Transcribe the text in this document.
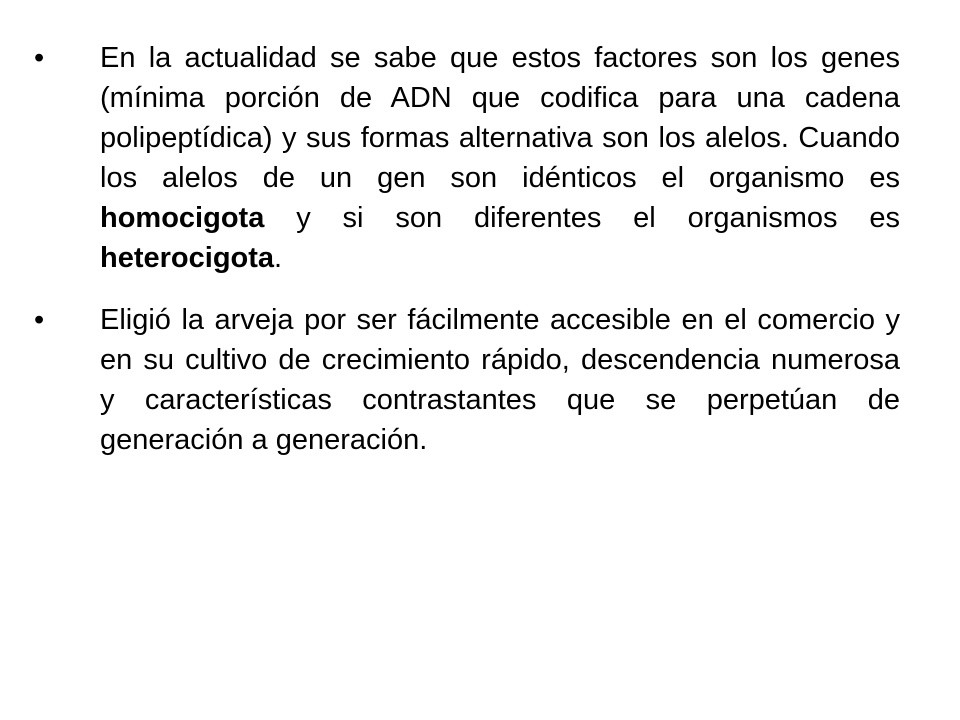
•	En la actualidad se sabe que estos factores son los genes (mínima porción de ADN que codifica para una cadena polipeptídica) y sus formas alternativa son los alelos. Cuando los alelos de un gen son idénticos el organismo es homocigota y si son diferentes el organismos es heterocigota.

•	Eligió la arveja por ser fácilmente accesible en el comercio y en su cultivo de crecimiento rápido, descendencia numerosa y características contrastantes que se perpetúan de generación a generación.
